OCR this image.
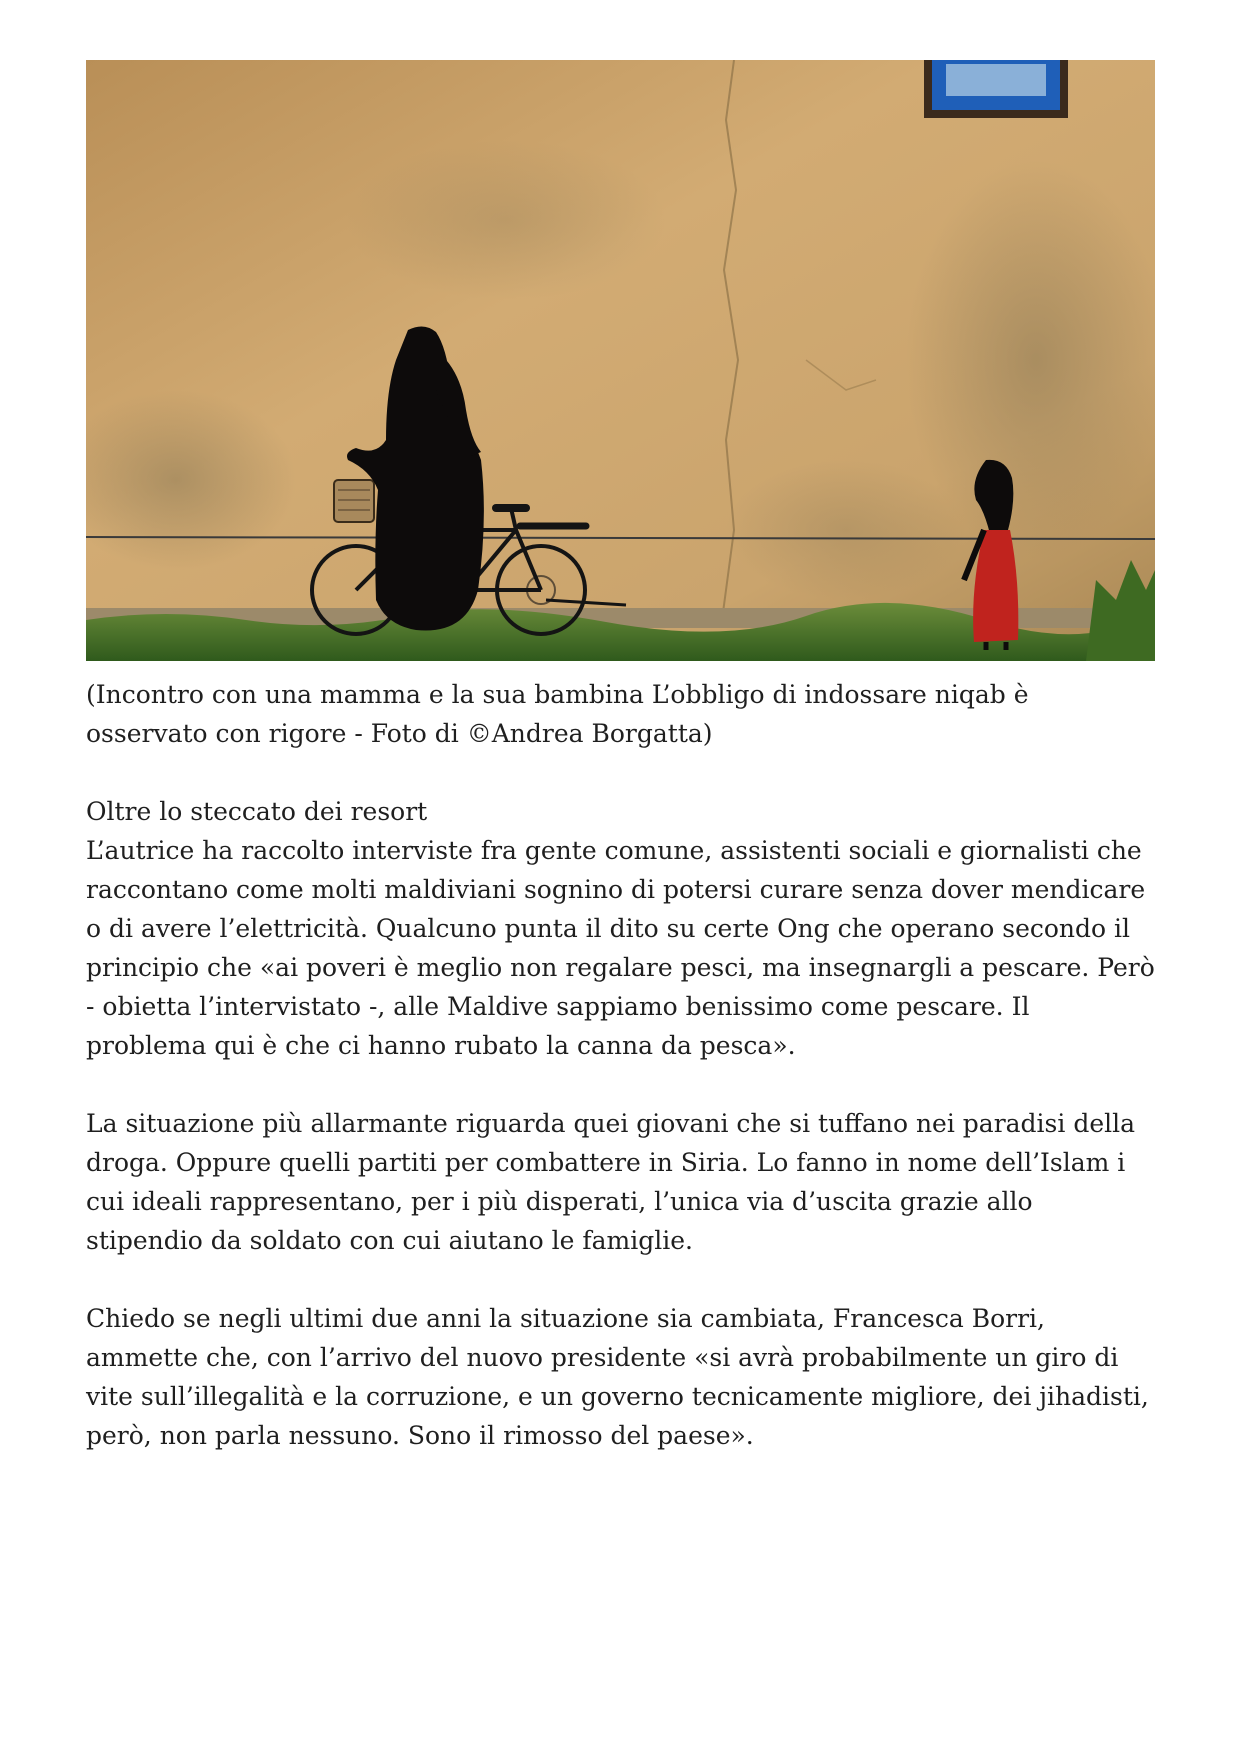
(Incontro con una mamma e la sua bambina L’obbligo di indossare niqab è osservato con rigore - Foto di ©Andrea Borgatta)

Oltre lo steccato dei resort

L’autrice ha raccolto interviste fra gente comune, assistenti sociali e giornalisti che raccontano come molti maldiviani sognino di potersi curare senza dover mendicare o di avere l’elettricità. Qualcuno punta il dito su certe Ong che operano secondo il principio che «ai poveri è meglio non regalare pesci, ma insegnargli a pescare. Però - obietta l’intervistato -, alle Maldive sappiamo benissimo come pescare. Il problema qui è che ci hanno rubato la canna da pesca».

La situazione più allarmante riguarda quei giovani che si tuffano nei paradisi della droga. Oppure quelli partiti per combattere in Siria. Lo fanno in nome dell’Islam i cui ideali rappresentano, per i più disperati, l’unica via d’uscita grazie allo stipendio da soldato con cui aiutano le famiglie.

Chiedo se negli ultimi due anni la situazione sia cambiata, Francesca Borri, ammette che, con l’arrivo del nuovo presidente «si avrà probabilmente un giro di vite sull’illegalità e la corruzione, e un governo tecnicamente migliore, dei jihadisti, però, non parla nessuno. Sono il rimosso del paese».
